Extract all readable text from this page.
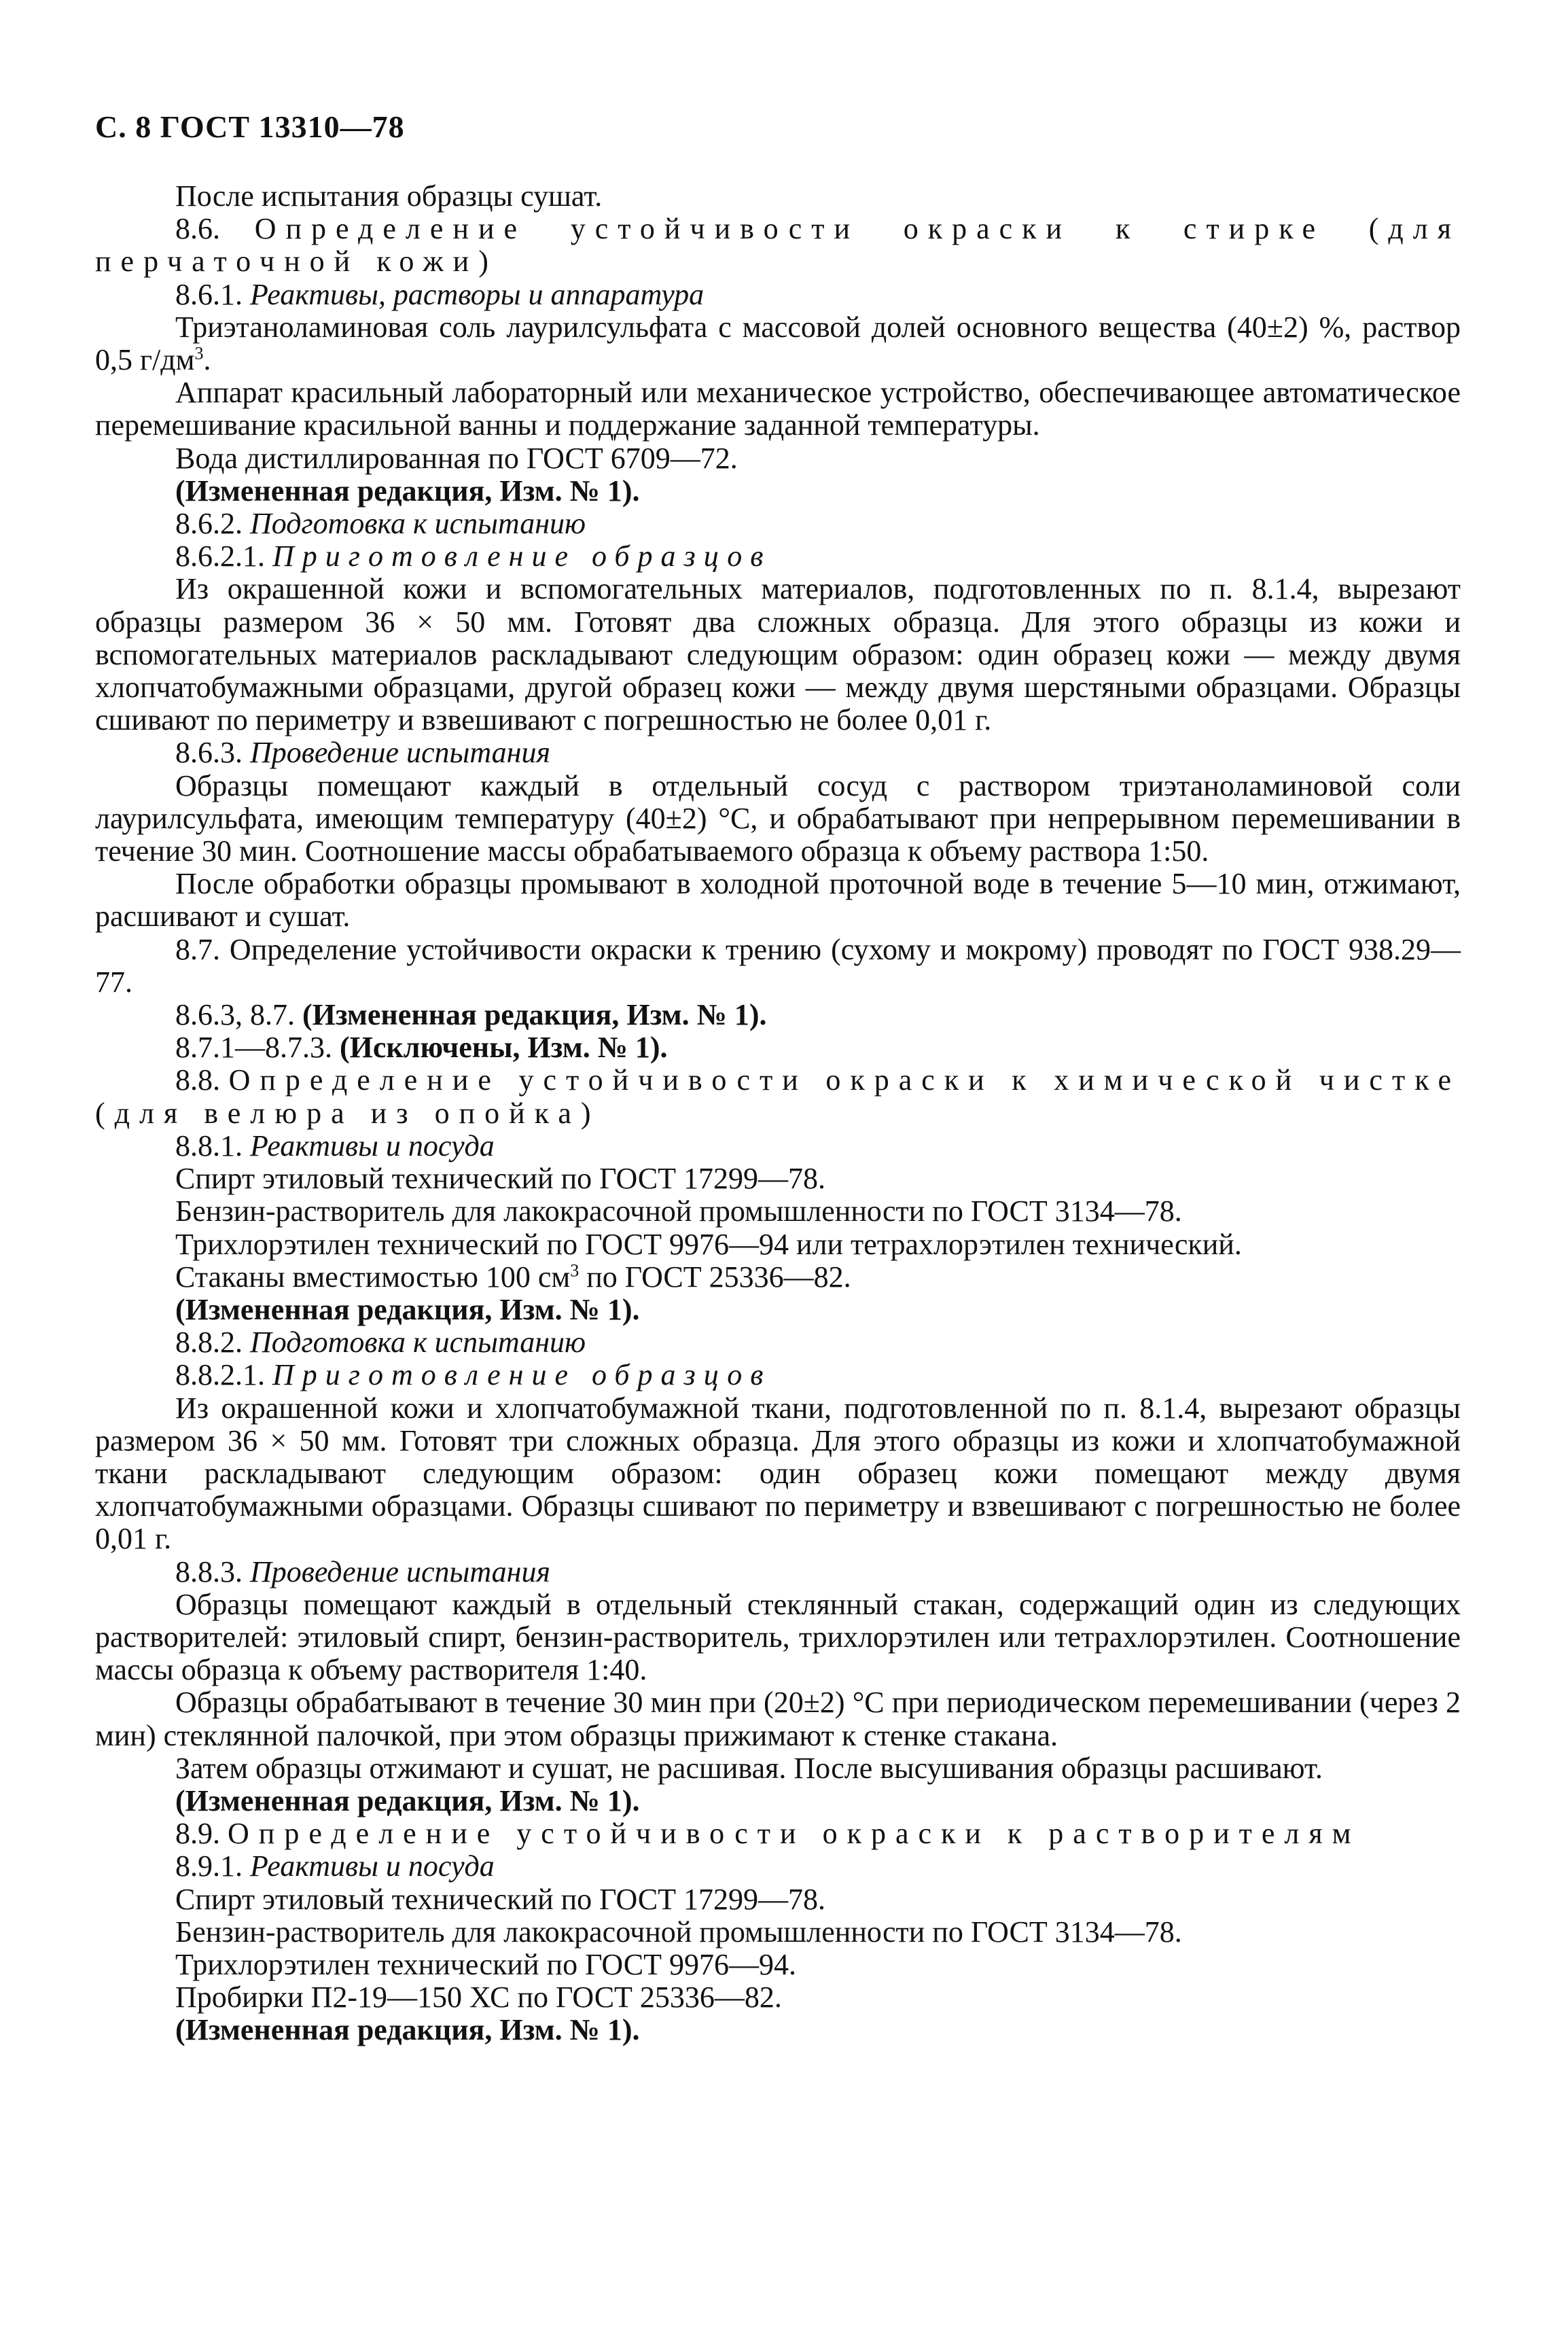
С. 8 ГОСТ 13310—78

После испытания образцы сушат.

8.6. Определение устойчивости окраски к стирке (для перчаточной кожи)

8.6.1. Реактивы, растворы и аппаратура

Триэтаноламиновая соль лаурилсульфата с массовой долей основного вещества (40±2) %, раствор 0,5 $г/дм^3$.

Аппарат красильный лабораторный или механическое устройство, обеспечивающее автоматическое перемешивание красильной ванны и поддержание заданной температуры.

Вода дистиллированная по ГОСТ 6709—72.

(Измененная редакция, Изм. № 1).

8.6.2. Подготовка к испытанию

8.6.2.1. Приготовление образцов

Из окрашенной кожи и вспомогательных материалов, подготовленных по п. 8.1.4, вырезают образцы размером 36 × 50 мм. Готовят два сложных образца. Для этого образцы из кожи и вспомогательных материалов раскладывают следующим образом: один образец кожи — между двумя хлопчатобумажными образцами, другой образец кожи — между двумя шерстяными образцами. Образцы сшивают по периметру и взвешивают с погрешностью не более 0,01 г.

8.6.3. Проведение испытания

Образцы помещают каждый в отдельный сосуд с раствором триэтаноламиновой соли лаурилсульфата, имеющим температуру (40±2) °С, и обрабатывают при непрерывном перемешивании в течение 30 мин. Соотношение массы обрабатываемого образца к объему раствора 1:50.

После обработки образцы промывают в холодной проточной воде в течение 5—10 мин, отжимают, расшивают и сушат.

8.7. Определение устойчивости окраски к трению (сухому и мокрому) проводят по ГОСТ 938.29—77.

8.6.3, 8.7. (Измененная редакция, Изм. № 1).

8.7.1—8.7.3. (Исключены, Изм. № 1).

8.8. Определение устойчивости окраски к химической чистке (для велюра из опойка)

8.8.1. Реактивы и посуда

Спирт этиловый технический по ГОСТ 17299—78.

Бензин-растворитель для лакокрасочной промышленности по ГОСТ 3134—78.

Трихлорэтилен технический по ГОСТ 9976—94 или тетрахлорэтилен технический.

Стаканы вместимостью 100 $см^3$ по ГОСТ 25336—82.

(Измененная редакция, Изм. № 1).

8.8.2. Подготовка к испытанию

8.8.2.1. Приготовление образцов

Из окрашенной кожи и хлопчатобумажной ткани, подготовленной по п. 8.1.4, вырезают образцы размером 36 × 50 мм. Готовят три сложных образца. Для этого образцы из кожи и хлопчатобумажной ткани раскладывают следующим образом: один образец кожи помещают между двумя хлопчатобумажными образцами. Образцы сшивают по периметру и взвешивают с погрешностью не более 0,01 г.

8.8.3. Проведение испытания

Образцы помещают каждый в отдельный стеклянный стакан, содержащий один из следующих растворителей: этиловый спирт, бензин-растворитель, трихлорэтилен или тетрахлорэтилен. Соотношение массы образца к объему растворителя 1:40.

Образцы обрабатывают в течение 30 мин при (20±2) °С при периодическом перемешивании (через 2 мин) стеклянной палочкой, при этом образцы прижимают к стенке стакана.

Затем образцы отжимают и сушат, не расшивая. После высушивания образцы расшивают.

(Измененная редакция, Изм. № 1).

8.9. Определение устойчивости окраски к растворителям

8.9.1. Реактивы и посуда

Спирт этиловый технический по ГОСТ 17299—78.

Бензин-растворитель для лакокрасочной промышленности по ГОСТ 3134—78.

Трихлорэтилен технический по ГОСТ 9976—94.

Пробирки П2-19—150 ХС по ГОСТ 25336—82.

(Измененная редакция, Изм. № 1).
